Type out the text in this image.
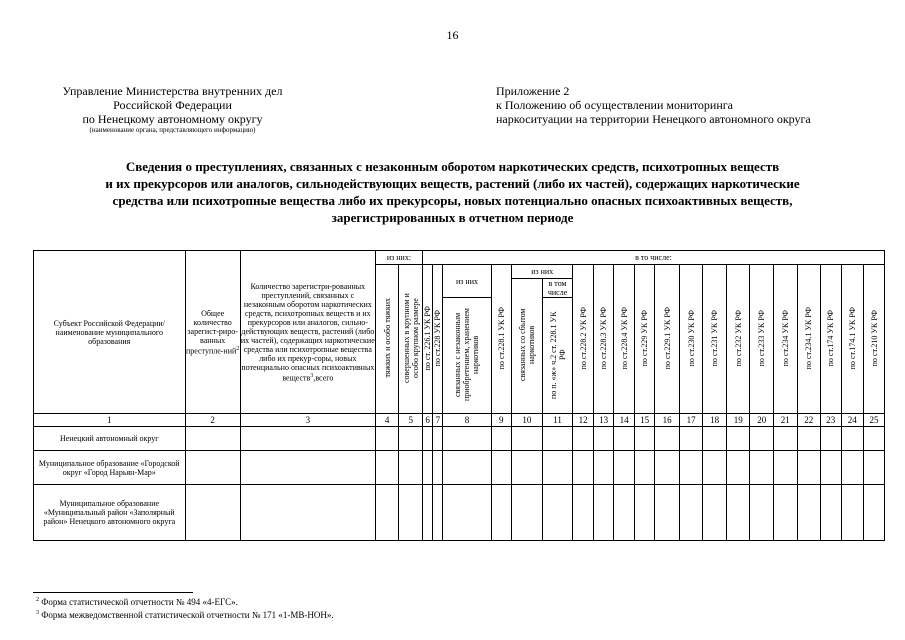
16
Управление Министерства внутренних дел
Российской Федерации
по Ненецкому автономному округу
(наименование органа, представляющего информацию)
Приложение 2
к Положению об осуществлении мониторинга
наркоситуации на территории Ненецкого автономного округа
Сведения о преступлениях, связанных с незаконным оборотом наркотических средств, психотропных веществ
и их прекурсоров или аналогов, сильнодействующих веществ, растений (либо их частей), содержащих наркотические
средства или психотропные вещества либо их прекурсоры, новых потенциально опасных психоактивных веществ,
зарегистрированных в отчетном периоде
Субъект Российской Федерации/ наименование муниципального образования	Общее количество зарегист-риро-ванных преступле-ний$^2$	Количество зарегистри-рованных преступлений, связанных с незаконным оборотом наркотических средств, психотропных веществ и их прекурсоров или аналогов, сильно-действующих веществ, растений (либо их частей), содержащих наркотические средства или психотропные вещества либо их прекур-соры, новых потенциально опасных психоактивных веществ$^3$,всего	из них:		в то числе:																			
			тяжких и особо тяжких	совершенных в крупном и особо крупном размере	по ст. 226.1 УК РФ	по ст.228 УК РФ	из них	по ст.228.1 УК РФ	из них		по ст.228.2 УК РФ	по ст.228.3 УК РФ	по ст.228.4 УК РФ	по ст.229 УК РФ	по ст.229.1 УК РФ	по ст.230 УК РФ	по ст.231 УК РФ	по ст.232 УК РФ	по ст.233 УК РФ	по ст.234 УК РФ	по ст.234.1 УК РФ	по ст.174 УК РФ	по ст.174.1 УК РФ	по ст.210 УК РФ
									связанных со сбытом наркотиков	в том числе														
							связанных с незаконным приобретением, хранением наркотиков			по п. «ж» ч.2 ст. 228.1 УК РФ														
1	2	3	4	5	6	7	8	9	10	11	12	13	14	15	16	17	18	19	20	21	22	23	24	25
Ненецкий автономный округ																								
Муниципальное образование «Городской округ «Город Нарьян-Мар»																								
Муниципальное образование «Муниципальный район «Заполярный район» Ненецкого автономного округа																								
$^2$ Форма статистической отчетности № 494 «4-ЕГС».
$^3$ Форма межведомственной статистической отчетности № 171 «1-МВ-НОН».
